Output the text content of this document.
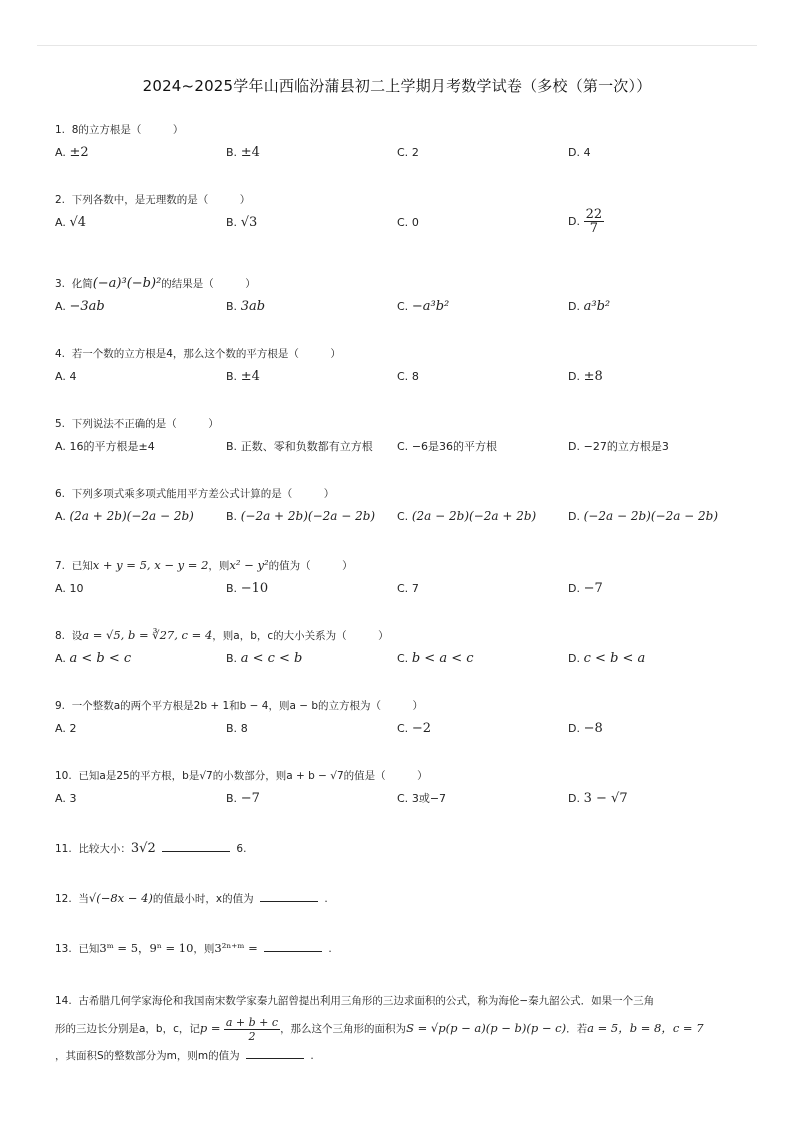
2024~2025学年山西临汾蒲县初二上学期月考数学试卷（多校（第一次））
1. 8的立方根是（　　　）
A. ±2	B. ±4	C. 2	D. 4
2. 下列各数中，是无理数的是（　　　）
A. √4	B. √3	C. 0	D. $\frac{22}{7}$
3. 化简(−a)³(−b)²的结果是（　　　）
A. −3ab	B. 3ab	C. −a³b²	D. a³b²
4. 若一个数的立方根是4，那么这个数的平方根是（　　　）
A. 4	B. ±4	C. 8	D. ±8
5. 下列说法不正确的是（　　　）
A. 16的平方根是±4	B. 正数、零和负数都有立方根 C. −6是36的平方根	D. −27的立方根是3
6. 下列多项式乘多项式能用平方差公式计算的是（　　　）
A. (2a + 2b)(−2a − 2b)	B. (−2a + 2b)(−2a − 2b) C. (2a − 2b)(−2a + 2b)	D. (−2a − 2b)(−2a − 2b)
7. 已知x + y = 5, x − y = 2，则x² − y²的值为（　　　）
A. 10	B. −10	C. 7	D. −7
8. 设a = √5, b = ∛27, c = 4，则a，b，c的大小关系为（　　　）
A. a < b < c	B. a < c < b	C. b < a < c	D. c < b < a
9. 一个整数a的两个平方根是2b + 1和b − 4，则a − b的立方根为（　　　）
A. 2	B. 8	C. −2	D. −8
10. 已知a是25的平方根，b是√7的小数部分，则a + b − √7的值是（　　　）
A. 3	B. −7	C. 3或−7	D. 3 − √7
11. 比较大小：3√2	6.
12. 当√(−8x − 4)的值最小时，x的值为	.
13. 已知3ᵐ = 5，9ⁿ = 10，则3²ⁿ⁺ᵐ =	.
14. 古希腊几何学家海伦和我国南宋数学家秦九韶曾提出利用三角形的三边求面积的公式，称为海伦−秦九韶公式．如果一个三角
形的三边长分别是a，b，c，记$p = \frac{a + b + c}{2}$ ，那么这个三角形的面积为S = √p(p − a)(p − b)(p − c)．若a = 5，b = 8，c = 7
，其面积S的整数部分为m，则m的值为	.
